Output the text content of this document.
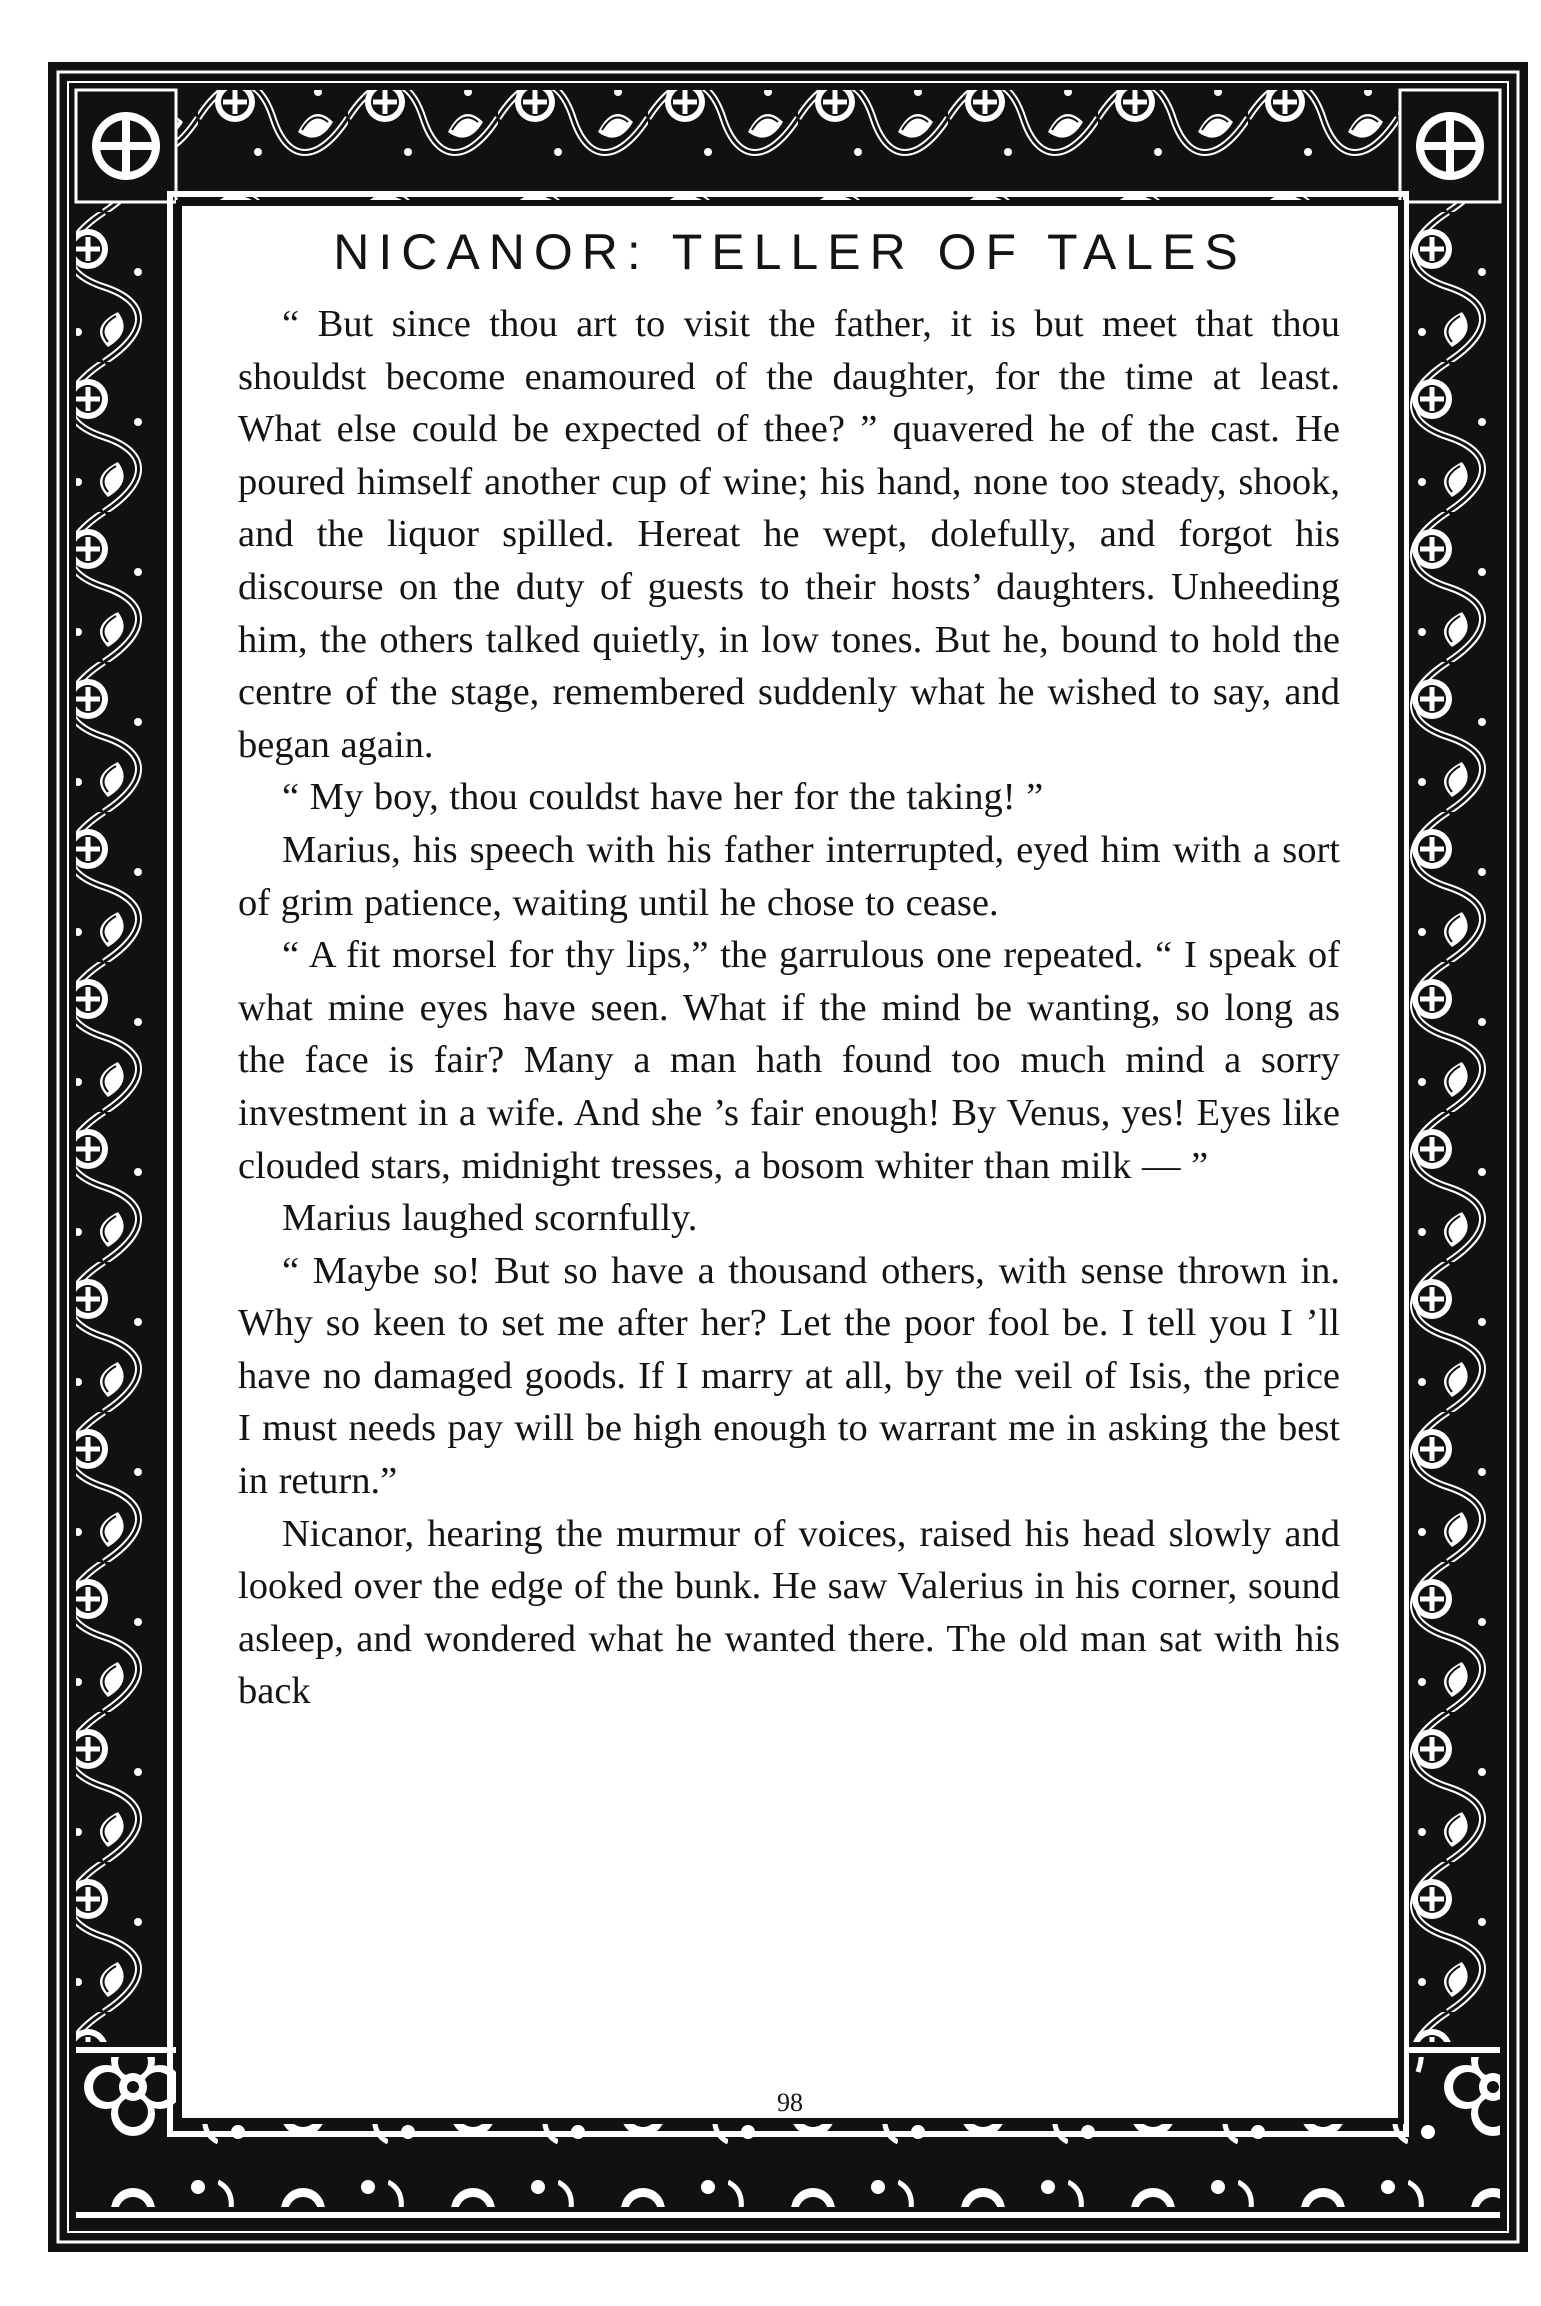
NICANOR: TELLER OF TALES

“ But since thou art to visit the father, it is but meet that thou shouldst become enamoured of the daughter, for the time at least. What else could be expected of thee? ” quavered he of the cast. He poured himself another cup of wine; his hand, none too steady, shook, and the liquor spilled. Hereat he wept, dolefully, and forgot his discourse on the duty of guests to their hosts’ daughters. Unheeding him, the others talked quietly, in low tones. But he, bound to hold the centre of the stage, remembered suddenly what he wished to say, and began again.

“ My boy, thou couldst have her for the taking! ”

Marius, his speech with his father interrupted, eyed him with a sort of grim patience, waiting until he chose to cease.

“ A fit morsel for thy lips,” the garrulous one repeated. “ I speak of what mine eyes have seen. What if the mind be wanting, so long as the face is fair? Many a man hath found too much mind a sorry investment in a wife. And she ’s fair enough! By Venus, yes! Eyes like clouded stars, midnight tresses, a bosom whiter than milk — ”

Marius laughed scornfully.

“ Maybe so! But so have a thousand others, with sense thrown in. Why so keen to set me after her? Let the poor fool be. I tell you I ’ll have no damaged goods. If I marry at all, by the veil of Isis, the price I must needs pay will be high enough to warrant me in asking the best in return.”

Nicanor, hearing the murmur of voices, raised his head slowly and looked over the edge of the bunk. He saw Valerius in his corner, sound asleep, and wondered what he wanted there. The old man sat with his back

98
